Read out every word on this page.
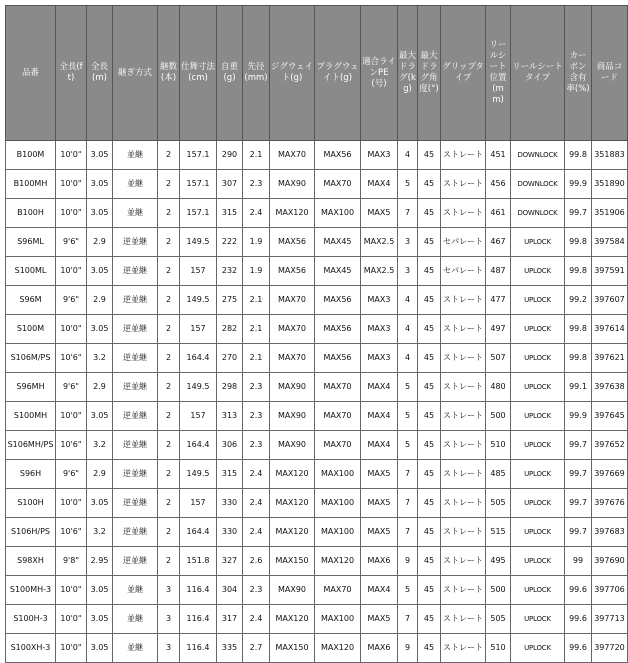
品番	全長(ft)	全長(m)	継ぎ方式	継数(本)	仕舞寸法(cm)	自重(g)	先径(mm)	ジグウェイト(g)	プラグウェイト(g)	適合ラインPE(号)	最大ドラグ(kg)	最大ドラグ角度(°)	グリップタイプ	リールシート位置(mm)	リールシートタイプ	カーボン含有率(%)	商品コード
B100M	10'0"	3.05	並継	2	157.1	290	2.1	MAX70	MAX56	MAX3	4	45	ストレート	451	DOWNLOCK	99.8	351883
B100MH	10'0"	3.05	並継	2	157.1	307	2.3	MAX90	MAX70	MAX4	5	45	ストレート	456	DOWNLOCK	99.9	351890
B100H	10'0"	3.05	並継	2	157.1	315	2.4	MAX120	MAX100	MAX5	7	45	ストレート	461	DOWNLOCK	99.7	351906
S96ML	9'6"	2.9	逆並継	2	149.5	222	1.9	MAX56	MAX45	MAX2.5	3	45	セパレート	467	UPLOCK	99.8	397584
S100ML	10'0"	3.05	逆並継	2	157	232	1.9	MAX56	MAX45	MAX2.5	3	45	セパレート	487	UPLOCK	99.8	397591
S96M	9'6"	2.9	逆並継	2	149.5	275	2.1	MAX70	MAX56	MAX3	4	45	ストレート	477	UPLOCK	99.2	397607
S100M	10'0"	3.05	逆並継	2	157	282	2.1	MAX70	MAX56	MAX3	4	45	ストレート	497	UPLOCK	99.8	397614
S106M/PS	10'6"	3.2	逆並継	2	164.4	270	2.1	MAX70	MAX56	MAX3	4	45	ストレート	507	UPLOCK	99.8	397621
S96MH	9'6"	2.9	逆並継	2	149.5	298	2.3	MAX90	MAX70	MAX4	5	45	ストレート	480	UPLOCK	99.1	397638
S100MH	10'0"	3.05	逆並継	2	157	313	2.3	MAX90	MAX70	MAX4	5	45	ストレート	500	UPLOCK	99.9	397645
S106MH/PS	10'6"	3.2	逆並継	2	164.4	306	2.3	MAX90	MAX70	MAX4	5	45	ストレート	510	UPLOCK	99.7	397652
S96H	9'6"	2.9	逆並継	2	149.5	315	2.4	MAX120	MAX100	MAX5	7	45	ストレート	485	UPLOCK	99.7	397669
S100H	10'0"	3.05	逆並継	2	157	330	2.4	MAX120	MAX100	MAX5	7	45	ストレート	505	UPLOCK	99.7	397676
S106H/PS	10'6"	3.2	逆並継	2	164.4	330	2.4	MAX120	MAX100	MAX5	7	45	ストレート	515	UPLOCK	99.7	397683
S98XH	9'8"	2.95	逆並継	2	151.8	327	2.6	MAX150	MAX120	MAX6	9	45	ストレート	495	UPLOCK	99	397690
S100MH-3	10'0"	3.05	並継	3	116.4	304	2.3	MAX90	MAX70	MAX4	5	45	ストレート	500	UPLOCK	99.6	397706
S100H-3	10'0"	3.05	並継	3	116.4	317	2.4	MAX120	MAX100	MAX5	7	45	ストレート	505	UPLOCK	99.6	397713
S100XH-3	10'0"	3.05	並継	3	116.4	335	2.7	MAX150	MAX120	MAX6	9	45	ストレート	510	UPLOCK	99.6	397720
